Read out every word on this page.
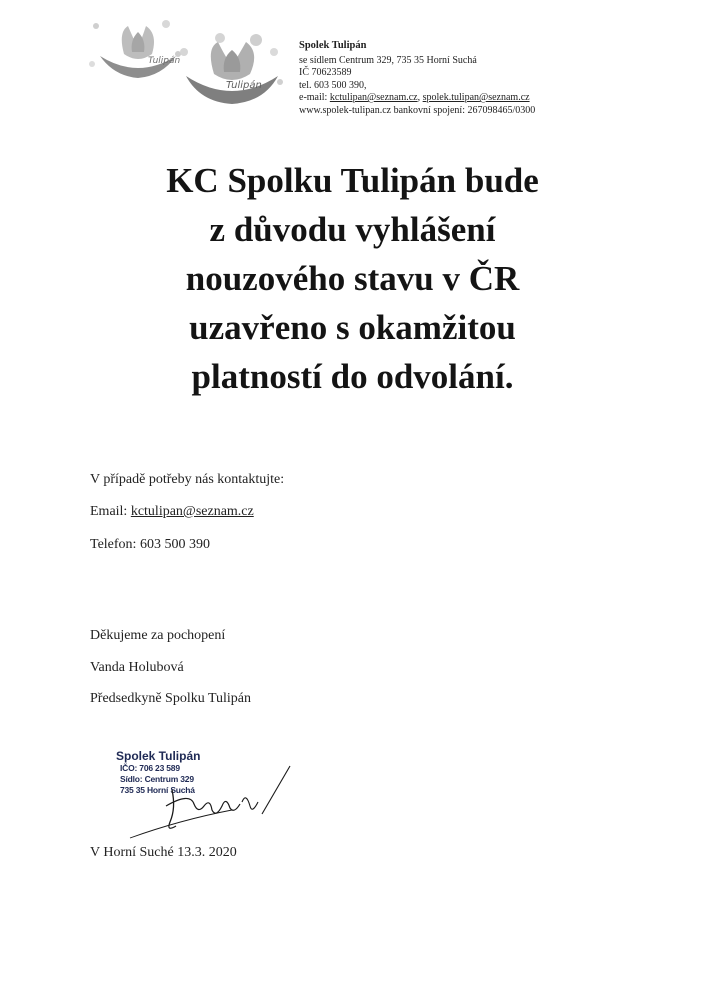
Tulipán
Tulipán
Spolek Tulipán
se sídlem Centrum 329, 735 35 Horní Suchá
IČ 70623589
tel. 603 500 390,
e-mail: kctulipan@seznam.cz, spolek.tulipan@seznam.cz
www.spolek-tulipan.cz bankovní spojení: 267098465/0300
KC Spolku Tulipán bude
z důvodu vyhlášení
nouzového stavu v ČR
uzavřeno s okamžitou
platností do odvolání.
V případě potřeby nás kontaktujte:
Email: kctulipan@seznam.cz
Telefon: 603 500 390
Děkujeme za pochopení
Vanda Holubová
Předsedkyně Spolku Tulipán
Spolek Tulipán
IČO: 706 23 589
Sídlo: Centrum 329
735 35 Horní Suchá
V Horní Suché 13.3. 2020
